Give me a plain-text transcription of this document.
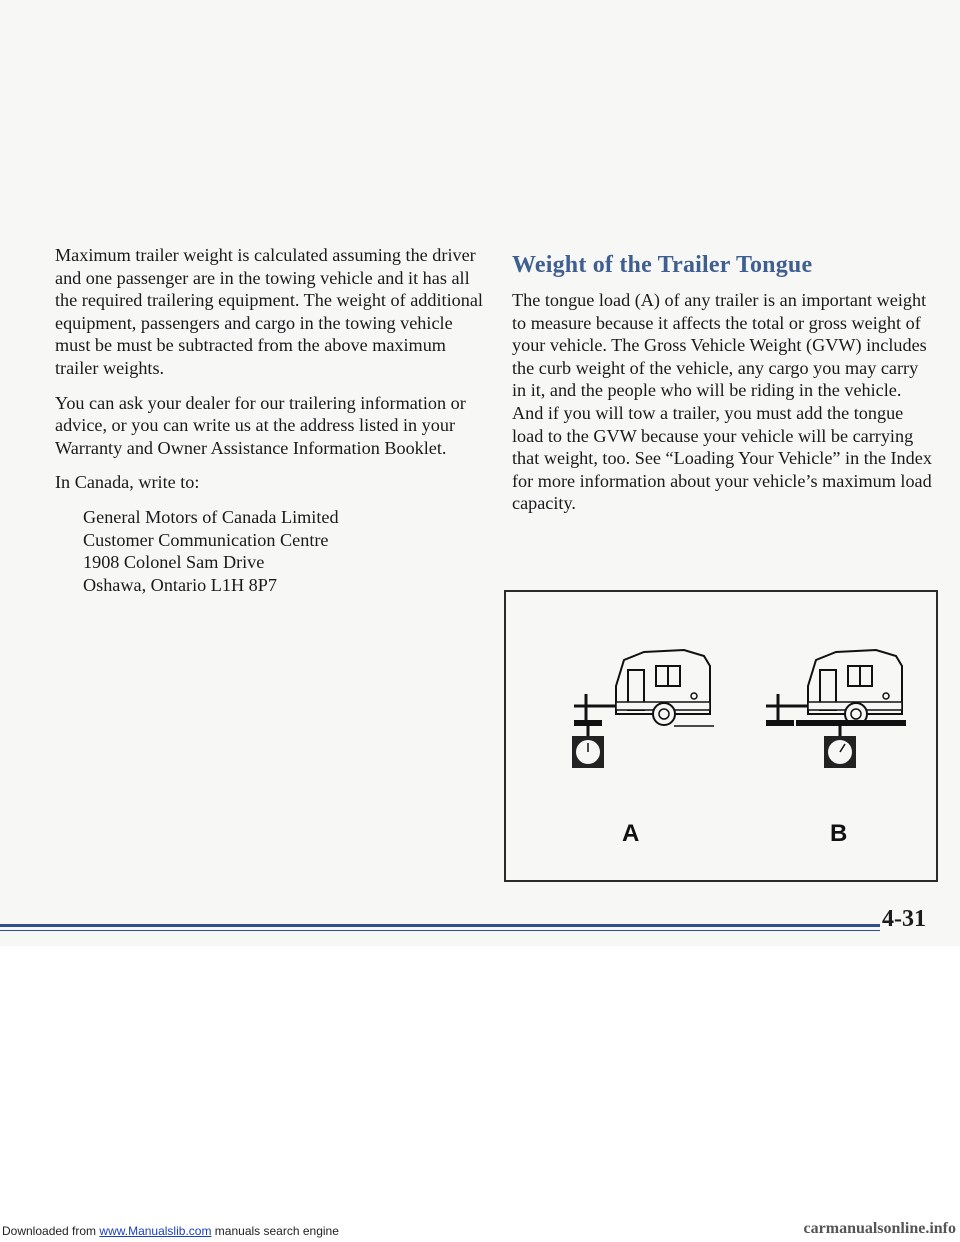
Maximum trailer weight is calculated assuming the driver and one passenger are in the towing vehicle and it has all the required trailering equipment. The weight of additional equipment, passengers and cargo in the towing vehicle must be must be subtracted from the above maximum trailer weights.

You can ask your dealer for our trailering information or advice, or you can write us at the address listed in your Warranty and Owner Assistance Information Booklet.

In Canada, write to:

General Motors of Canada Limited
Customer Communication Centre
1908 Colonel Sam Drive
Oshawa, Ontario L1H 8P7
Weight of the Trailer Tongue

The tongue load (A) of any trailer is an important weight to measure because it affects the total or gross weight of your vehicle. The Gross Vehicle Weight (GVW) includes the curb weight of the vehicle, any cargo you may carry in it, and the people who will be riding in the vehicle. And if you will tow a trailer, you must add the tongue load to the GVW because your vehicle will be carrying that weight, too. See “Loading Your Vehicle” in the Index for more information about your vehicle’s maximum load capacity.

A	B
4-31
Downloaded from www.Manualslib.com manuals search engine	carmanualsonline.info
